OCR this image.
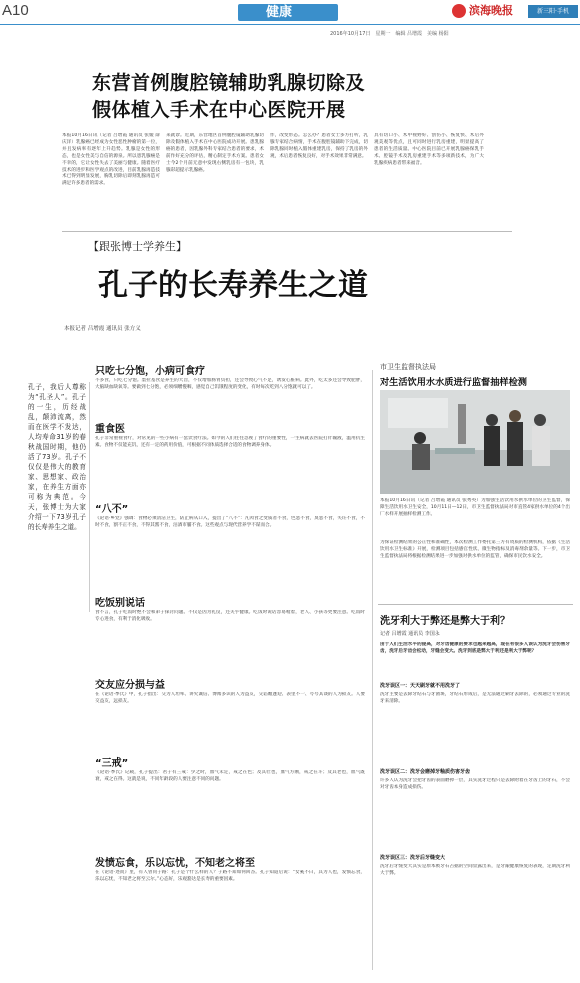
A10	健康	滨海晚报	新三阳·手机
2016年10月17日　星期一　编辑 吕增霞　美编 杨阳
东营首例腹腔镜辅助乳腺切除及
假体植入手术在中心医院开展
本报10月16日讯（记者 吕增霞 通讯员 张媛 薛庆洋）乳腺癌已经成为女性恶性肿瘤的第一位，并且发病率有逐年上升趋势。乳腺是女性的形态，也是女性美与自信的源泉。所以患乳腺癌是不幸的，它让女性失去了美丽与健康。随着医疗技术的进步和医学观点的改进，目前乳腺再造技术已得到明显发展，胸乳切除后即刻乳腺再造可满足许多患者的需求。
来就诊。近期，东营地区首例腹腔镜辅助乳腺切除及假体植入手术在中心医院成功开展。患乳腺癌的患者，因乳腺外科专家结合患者的要求，术前作好充分的评估，精心制定手术方案。患者女士今2个月前无意中发现右侧乳房有一包块，乳腺彩超提示乳腺癌。
作，改变形态。怎么办？患者女士多方打听，乳腺专家结合病情，手术在腹腔镜辅助下完成，切除乳腺同时植入假体重建乳房，保持了乳房的外观，术后患者恢复良好，对手术效果非常满意。
具有切口小、术中视野好、创伤小、恢复快、术后外观美观等优点，且可同时进行乳房重建，明显提高了患者的生活质量。中心医院目前已开展乳腺癌保乳手术、腔镜手术及乳房重建手术等多项新技术，为广大乳腺疾病患者带来福音。
【跟张博士学养生】
孔子的长寿养生之道
本报记者 吕增霞 通讯员 张方义
孔子，我后人尊称为“孔圣人”。孔子的一生，历经战乱，颠沛流离，然而在医学不发达，人均寿命31岁的春秋战国时期，他仍活了73岁。孔子不仅仅是伟大的教育家、思想家、政治家，在养生方面亦可称为典范。今天，张博士为大家介绍一下73岁孔子的长寿养生之道。
只吃七分饱，小病可食疗
不多食，只吃七分饱。墨拉基食是养生的大旨，不仅增加肠胃负担，还会导致心气不足，诱发心脏病。此外，吃太多还会导致肥胖，大脑缺血缺氧等。要做到七分饱，必须细嚼慢咽，感觉自己饥饿程度的变化，有时每次吃到八分饱就可以了。
重食医
孔子非常重视食疗，对常见的一些小病有一套饮食疗法。如今的人们往往忽视了食疗的重要性，一生病就去医院打针输液，滥用抗生素。食物不仅能充饥，还有一定的药用价值，可根据不同体质选择合适的食物调养身体。
“八不”
《论语·乡党》强调：食物必须清洁卫生，防止病从口入，提出了“八不”：凡肉食之变质者不食，色恶不食，臭恶不食，失饪不食，不时不食，割不正不食，不得其酱不食，沽酒市脯不食。这些观点与现代营养学不谋而合。
吃饭别说话
食不言，孔子吃饭时绝不会和弟子探讨问题。不仅是因为礼仪，还关乎健康。吃饭时说话容易噎着，老人、小孩等更要注意。吃饭时专心进食，有利于消化吸收。
交友应分损与益
在《论语·季氏》中，孔子指出：交为人坦率、讲究诚信、博闻多识的人为益友，交谄媚逢迎、表里不一、夸夸其谈的人为损友。人要交益友，远损友。
“三戒”
《论语·季氏》记载，孔子提出：君子有三戒：少之时，血气未定，戒之在色；及其壮也，血气方刚，戒之在斗；及其老也，血气既衰，戒之在得。这就是说，不同年龄段的人要注意不同的问题。
发愤忘食，乐以忘忧，不知老之将至
在《论语·述而》里，有人曾问子路：孔子是个什么样的人？子路不知如何回答。孔子知道后说：“女奚不曰，其为人也，发愤忘食，乐以忘忧，不知老之将至云尔。”心态好，乐观豁达是长寿的重要因素。
市卫生监督执法局
对生活饮用水水质进行监督抽样检测
本报10月16日讯（记者 吕增霞 通讯员 张秀英）为加强生活饮用水供水单位的卫生监督，保障生活饮用水卫生安全，10月11日—12日，市卫生监督执法局对市直管4家供水单位的4个出厂水样开展抽样检测工作。
为保证检测结果的公正性和准确性，本次检测工作委托第三方有资质的检测机构，依据《生活饮用水卫生标准》开展，检测项目包括感官性状、微生物指标及消毒剂余量等。下一步，市卫生监督执法局将根据检测结果进一步加强对供水单位的监管，确保市民饮水安全。
洗牙利大于弊还是弊大于利？
记者 吕增霞 通讯员 李国永
由于人们生活水平的提高，对牙齿健康的要求也越来越高，现在有很多人误认为洗牙会伤害牙齿，洗牙后牙齿会松动，牙缝会变大。洗牙到底是弊大于利还是利大于弊呢？
洗牙误区一：天天刷牙就不用洗牙了
洗牙主要是去除牙结石与牙菌斑，牙结石形成后，是无法通过刷牙去除的，必须通过专业的洗牙来清除。
洗牙误区二：洗牙会磨掉牙釉质伤害牙齿
许多人认为洗牙会把牙齿的表面磨掉一层，其实洗牙过程只是去除附着在牙齿上的牙石，不会对牙齿本身造成损伤。
洗牙误区三：洗牙后牙缝变大
洗牙后牙缝变大其实是原本被牙石占据的空间显露出来，是牙龈健康恢复的表现，定期洗牙利大于弊。
